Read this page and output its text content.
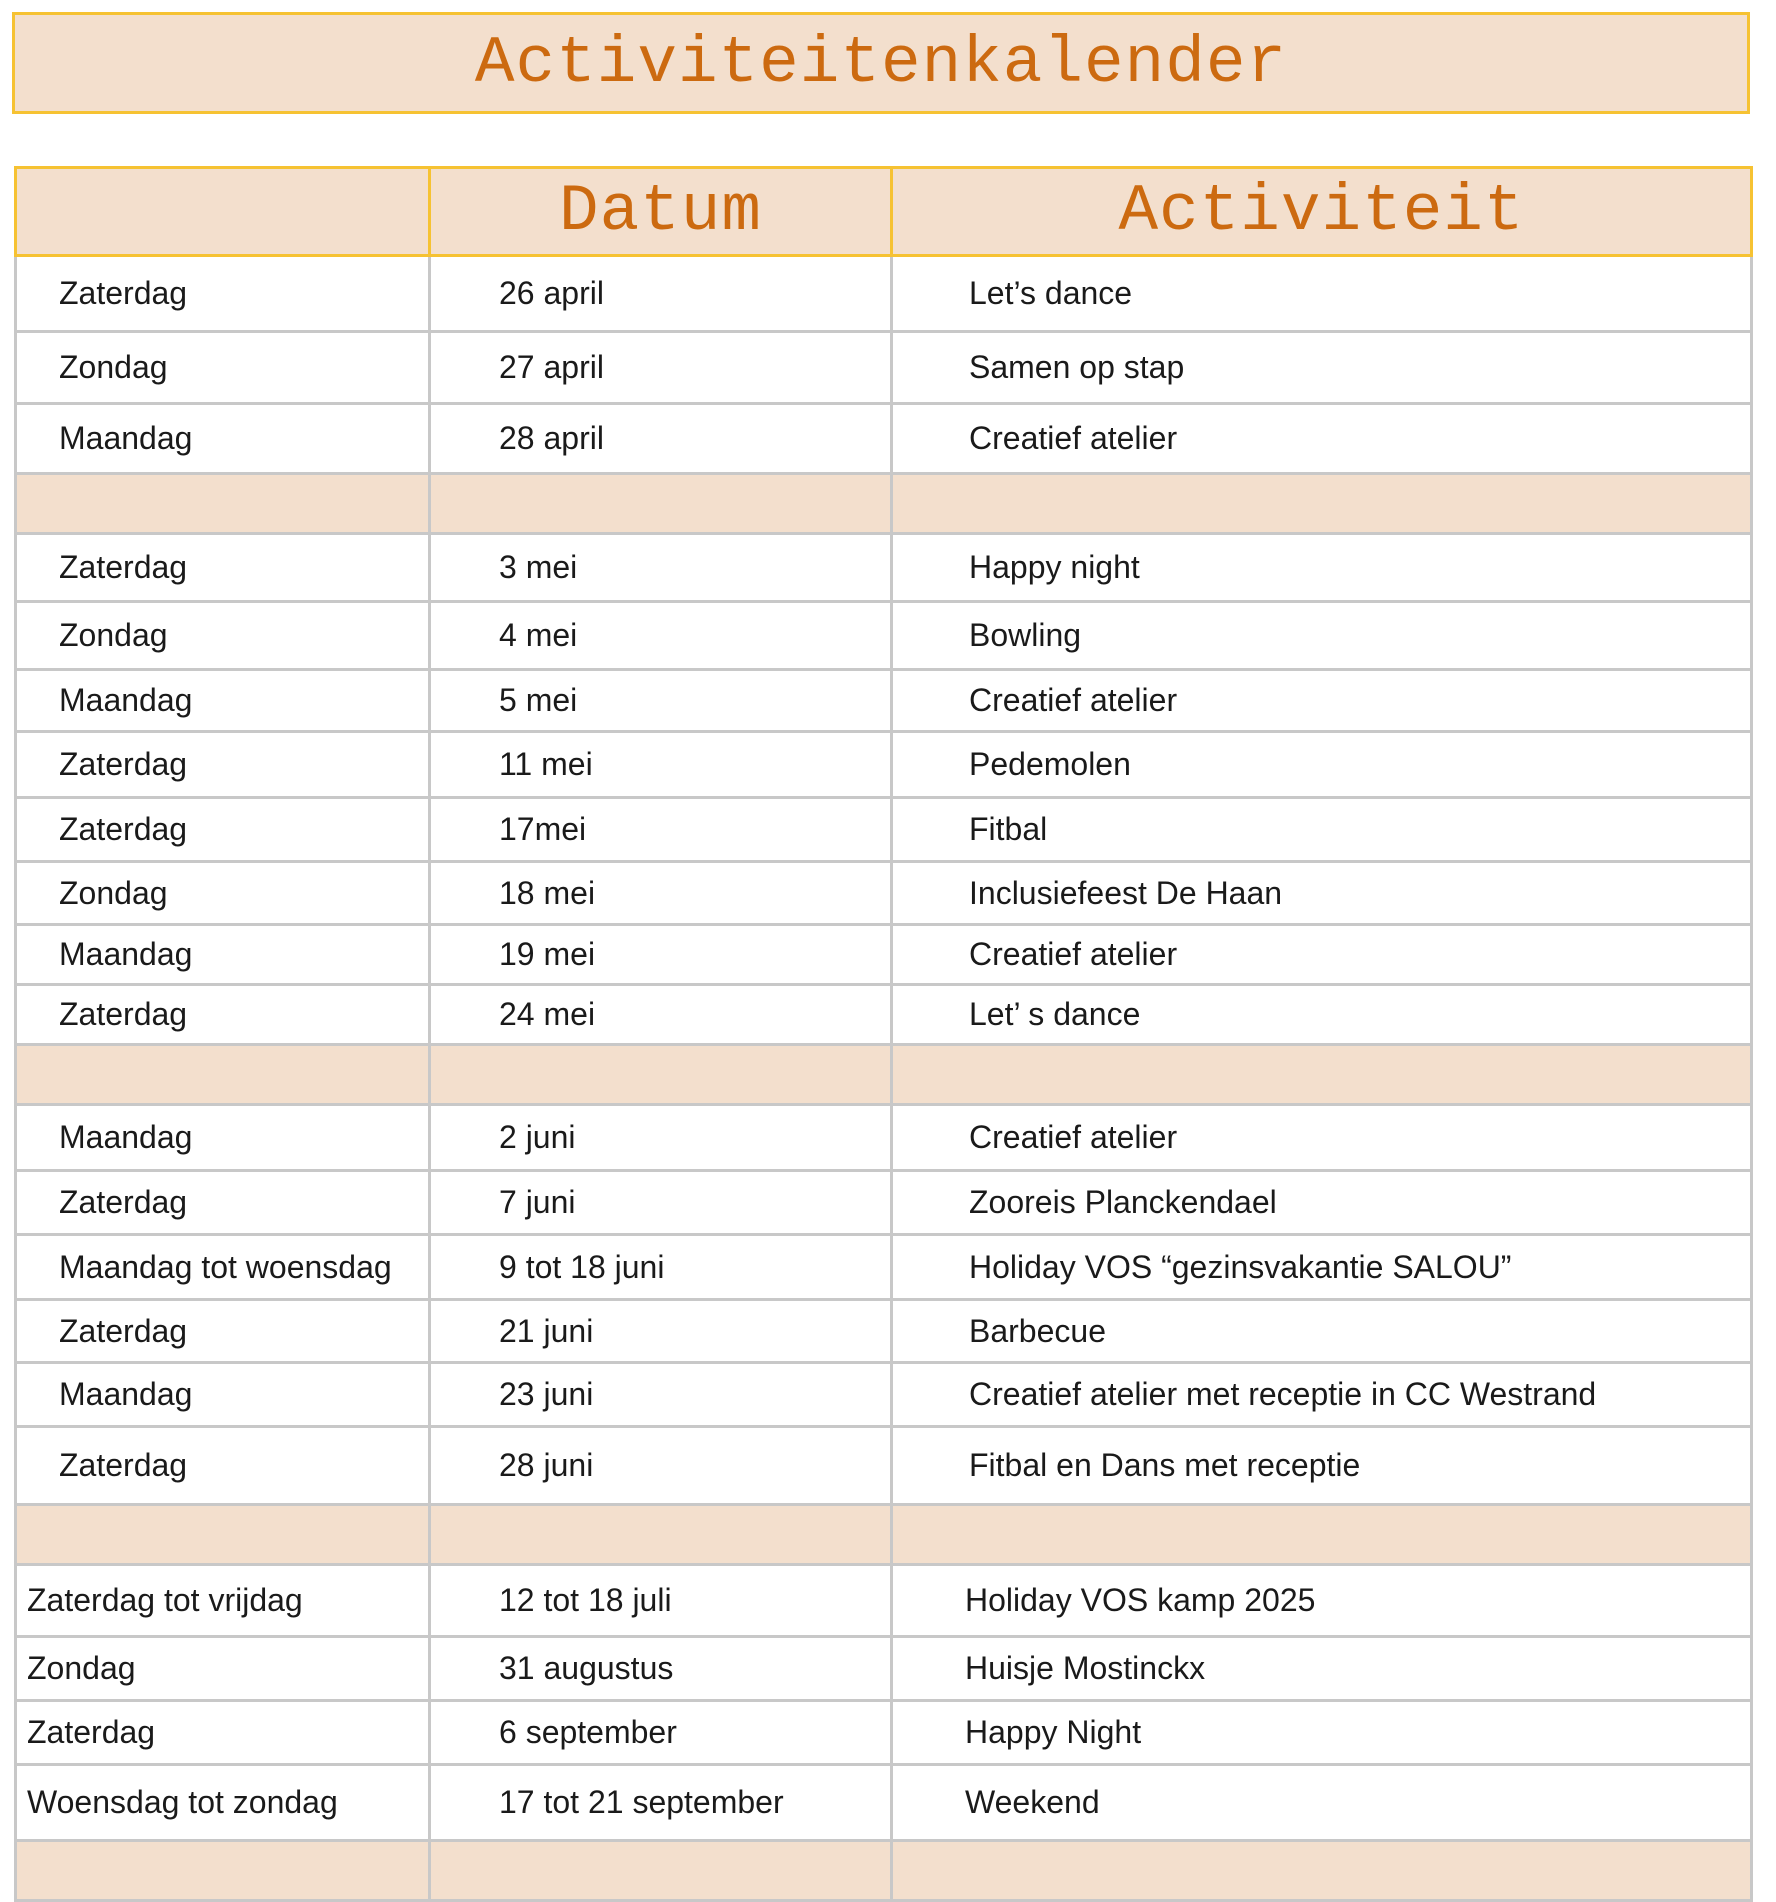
Activiteitenkalender
	Datum	Activiteit
Zaterdag	26 april	Let’s dance
Zondag	27 april	Samen op stap
Maandag	28 april	Creatief atelier

Zaterdag	3 mei	Happy night
Zondag	4 mei	Bowling
Maandag	5 mei	Creatief atelier
Zaterdag	11 mei	Pedemolen
Zaterdag	17mei	Fitbal
Zondag	18 mei	Inclusiefeest De Haan
Maandag	19 mei	Creatief atelier
Zaterdag	24 mei	Let’ s dance

Maandag	2 juni	Creatief atelier
Zaterdag	7 juni	Zooreis Planckendael
Maandag tot woensdag	9 tot 18 juni	Holiday VOS “gezinsvakantie SALOU”
Zaterdag	21 juni	Barbecue
Maandag	23 juni	Creatief atelier met receptie in CC Westrand
Zaterdag	28 juni	Fitbal en Dans met receptie

Zaterdag tot vrijdag	12 tot 18 juli	Holiday VOS kamp 2025
Zondag	31 augustus	Huisje Mostinckx
Zaterdag	6 september	Happy Night
Woensdag tot zondag	17 tot 21 september	Weekend
